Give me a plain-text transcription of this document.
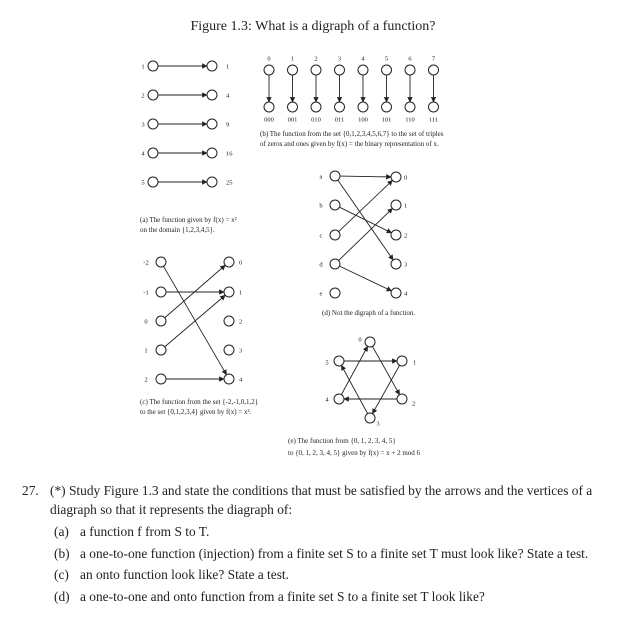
Figure 1.3: What is a digraph of a function?
1	1
2	4
3	9
4	16
5	25
0
000
1
001
2
010
3
011
4
100
5
101
6
110
7
111
-2
-1
0
1
2
0
1
2
3
4
a
b
c
d
e
0
1
2
3
4
0
1
2
3
4
5
(a) The function given by f(x) = x²
on the domain {1,2,3,4,5}.
(b) The function from the set {0,1,2,3,4,5,6,7} to the set of triples
of zeros and ones given by f(x) = the binary representation of x.
(c) The function from the set {-2,-1,0,1,2}
to the set {0,1,2,3,4} given by f(x) = x².
(d) Not the digraph of a function.
(e) The function from {0, 1, 2, 3, 4, 5}
to {0, 1, 2, 3, 4, 5} given by f(x) = x + 2 mod 6
27. (*) Study Figure 1.3 and state the conditions that must be satisfied by the arrows and the vertices of a diagraph so that it represents the diagraph of:
(a) a function f from S to T.
(b) a one-to-one function (injection) from a finite set S to a finite set T must look like? State a test.
(c) an onto function look like? State a test.
(d) a one-to-one and onto function from a finite set S to a finite set T look like?
